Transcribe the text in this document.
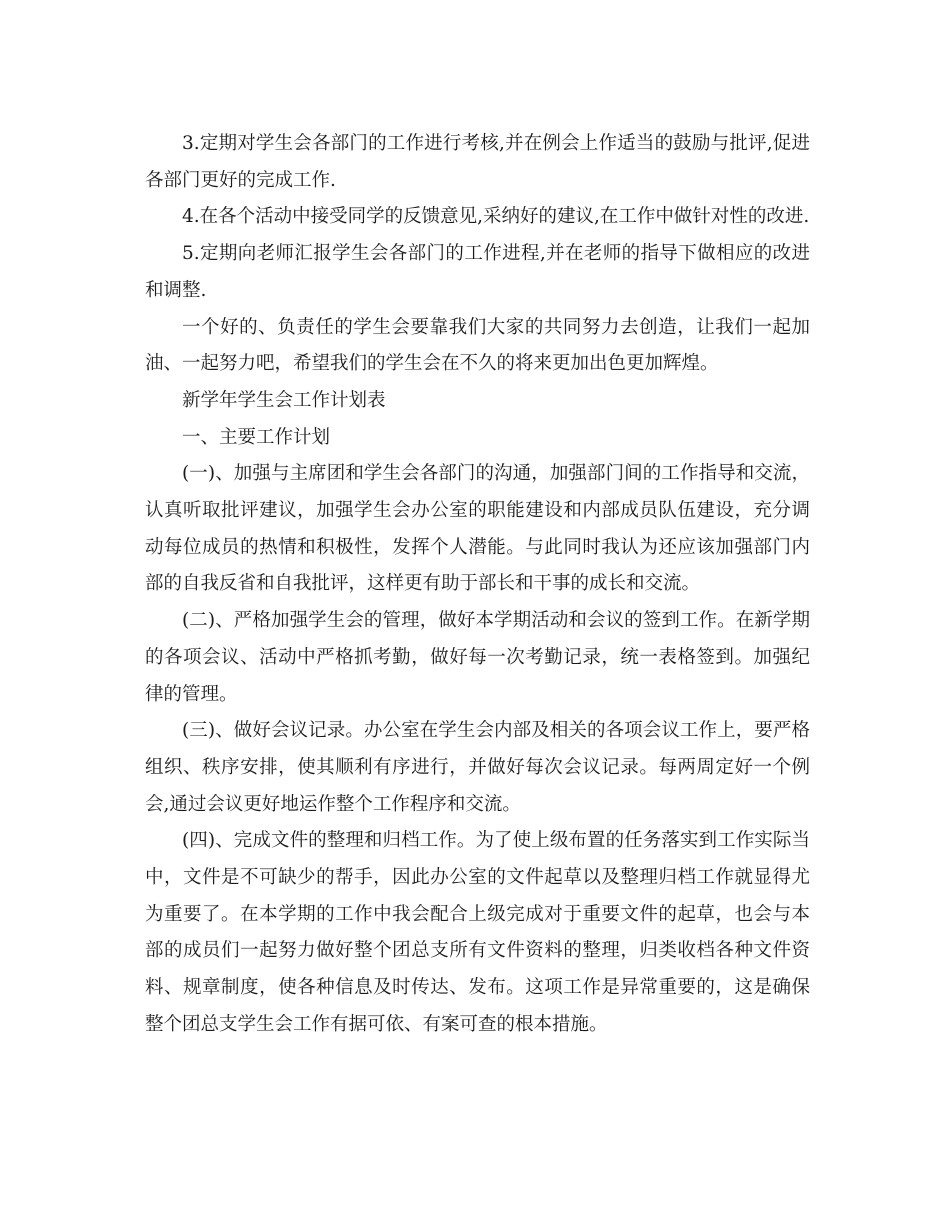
3.定期对学生会各部门的工作进行考核,并在例会上作适当的鼓励与批评,促进各部门更好的完成工作.

4.在各个活动中接受同学的反馈意见,采纳好的建议,在工作中做针对性的改进.

5.定期向老师汇报学生会各部门的工作进程,并在老师的指导下做相应的改进和调整.

一个好的、负责任的学生会要靠我们大家的共同努力去创造，让我们一起加油、一起努力吧，希望我们的学生会在不久的将来更加出色更加辉煌。

新学年学生会工作计划表

一、主要工作计划

(一)、加强与主席团和学生会各部门的沟通，加强部门间的工作指导和交流，认真听取批评建议，加强学生会办公室的职能建设和内部成员队伍建设，充分调动每位成员的热情和积极性，发挥个人潜能。与此同时我认为还应该加强部门内部的自我反省和自我批评，这样更有助于部长和干事的成长和交流。

(二)、严格加强学生会的管理，做好本学期活动和会议的签到工作。在新学期的各项会议、活动中严格抓考勤，做好每一次考勤记录，统一表格签到。加强纪律的管理。

(三)、做好会议记录。办公室在学生会内部及相关的各项会议工作上，要严格组织、秩序安排，使其顺利有序进行，并做好每次会议记录。每两周定好一个例会,通过会议更好地运作整个工作程序和交流。

(四)、完成文件的整理和归档工作。为了使上级布置的任务落实到工作实际当中，文件是不可缺少的帮手，因此办公室的文件起草以及整理归档工作就显得尤为重要了。在本学期的工作中我会配合上级完成对于重要文件的起草，也会与本部的成员们一起努力做好整个团总支所有文件资料的整理，归类收档各种文件资料、规章制度，使各种信息及时传达、发布。这项工作是异常重要的，这是确保整个团总支学生会工作有据可依、有案可查的根本措施。
